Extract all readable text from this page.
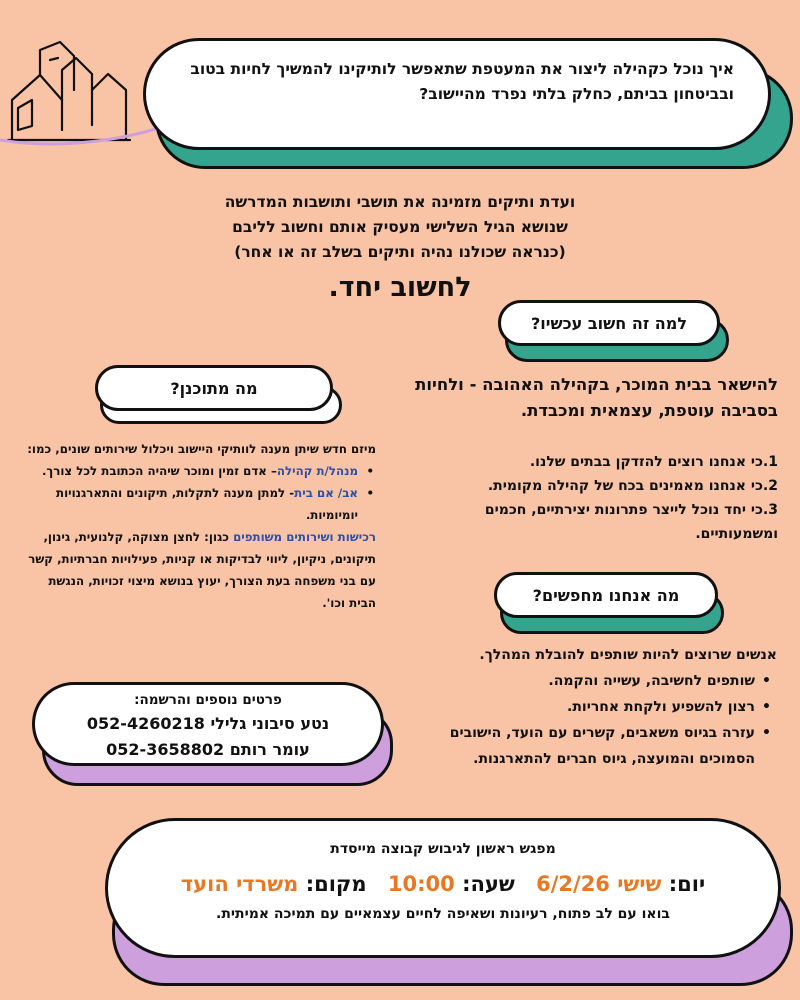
איך נוכל כקהילה ליצור את המעטפת שתאפשר לותיקינו להמשיך לחיות בטוב ובביטחון בביתם, כחלק בלתי נפרד מהיישוב?
ועדת ותיקים מזמינה את תושבי ותושבות המדרשה
שנושא הגיל השלישי מעסיק אותם וחשוב לליבם
(כנראה שכולנו נהיה ותיקים בשלב זה או אחר)
לחשוב יחד.
למה זה חשוב עכשיו?
להישאר בבית המוכר, בקהילה האהובה - ולחיות בסביבה עוטפת, עצמאית ומכבדת.
1.כי אנחנו רוצים להזדקן בבתים שלנו.
2.כי אנחנו מאמינים בכח של קהילה מקומית.
3.כי יחד נוכל לייצר פתרונות יצירתיים, חכמים ומשמעותיים.
מה מתוכנן?
מיזם חדש שיתן מענה לוותיקי היישוב ויכלול שירותים שונים, כמו:
• מנהל/ת קהילה– אדם זמין ומוכר שיהיה הכתובת לכל צורך.
• אב/ אם בית- למתן מענה לתקלות, תיקונים והתארגנויות יומיומיות.
רכישות ושירותים משותפים כגון: לחצן מצוקה, קלנועית, גינון, תיקונים, ניקיון, ליווי לבדיקות או קניות, פעילויות חברתיות, קשר עם בני משפחה בעת הצורך, יעוץ בנושא מיצוי זכויות, הנגשת הבית וכו'.	מה אנחנו מחפשים?
אנשים שרוצים להיות שותפים להובלת המהלך.
• שותפים לחשיבה, עשייה והקמה.
• רצון להשפיע ולקחת אחריות.
• עזרה בגיוס משאבים, קשרים עם הועד, הישובים הסמוכים והמועצה, גיוס חברים להתארגנות.
פרטים נוספים והרשמה:
נטע סיבוני גלילי 052-4260218
עומר רותם 052-3658802
מפגש ראשון לגיבוש קבוצה מייסדת
יום: שישי 6/2/26 שעה: 10:00 מקום: משרדי הועד
בואו עם לב פתוח, רעיונות ושאיפה לחיים עצמאיים עם תמיכה אמיתית.
